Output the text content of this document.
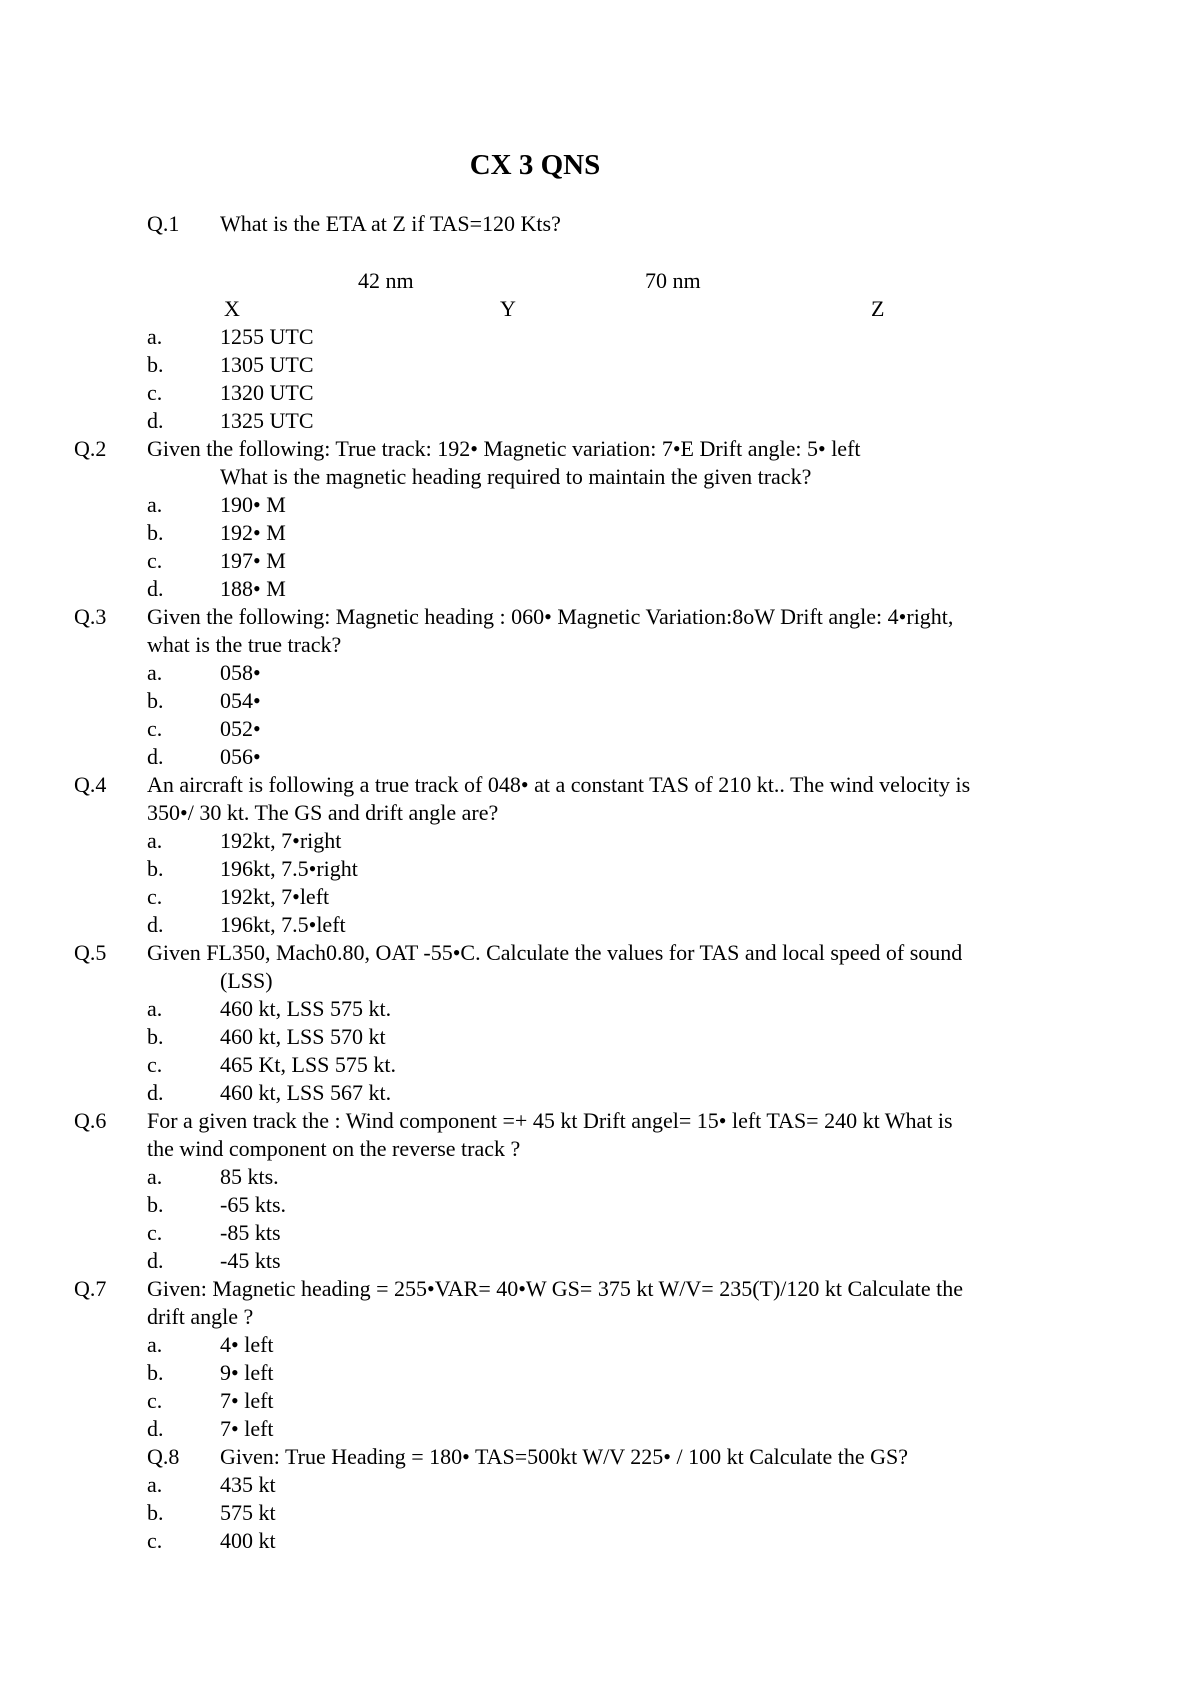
CX 3 QNS
Q.1 What is the ETA at Z if TAS=120 Kts?
42 nm	70 nm
X	Y	Z
a.	1255 UTC
b.	1305 UTC
c.	1320 UTC
d.	1325 UTC
Q.2 Given the following: True track: 192• Magnetic variation: 7•E Drift angle: 5• left
What is the magnetic heading required to maintain the given track?
a.	190• M
b.	192• M
c.	197• M
d.	188• M
Q.3 Given the following: Magnetic heading : 060• Magnetic Variation:8oW Drift angle: 4•right,
what is the true track?
a.	058•
b.	054•
c.	052•
d.	056•
Q.4 An aircraft is following a true track of 048• at a constant TAS of 210 kt.. The wind velocity is
350•/ 30 kt. The GS and drift angle are?
a.	192kt, 7•right
b.	196kt, 7.5•right
c.	192kt, 7•left
d.	196kt, 7.5•left
Q.5 Given FL350, Mach0.80, OAT -55•C. Calculate the values for TAS and local speed of sound
(LSS)
a.	460 kt, LSS 575 kt.
b.	460 kt, LSS 570 kt
c.	465 Kt, LSS 575 kt.
d.	460 kt, LSS 567 kt.
Q.6 For a given track the : Wind component =+ 45 kt Drift angel= 15• left TAS= 240 kt What is
the wind component on the reverse track ?
a.	85 kts.
b.	-65 kts.
c.	-85 kts
d.	-45 kts
Q.7 Given: Magnetic heading = 255•VAR= 40•W GS= 375 kt W/V= 235(T)/120 kt Calculate the
drift angle ?
a.	4• left
b.	9• left
c.	7• left
d.	7• left
Q.8 Given: True Heading = 180• TAS=500kt W/V 225• / 100 kt Calculate the GS?
a.	435 kt
b.	575 kt
c.	400 kt
